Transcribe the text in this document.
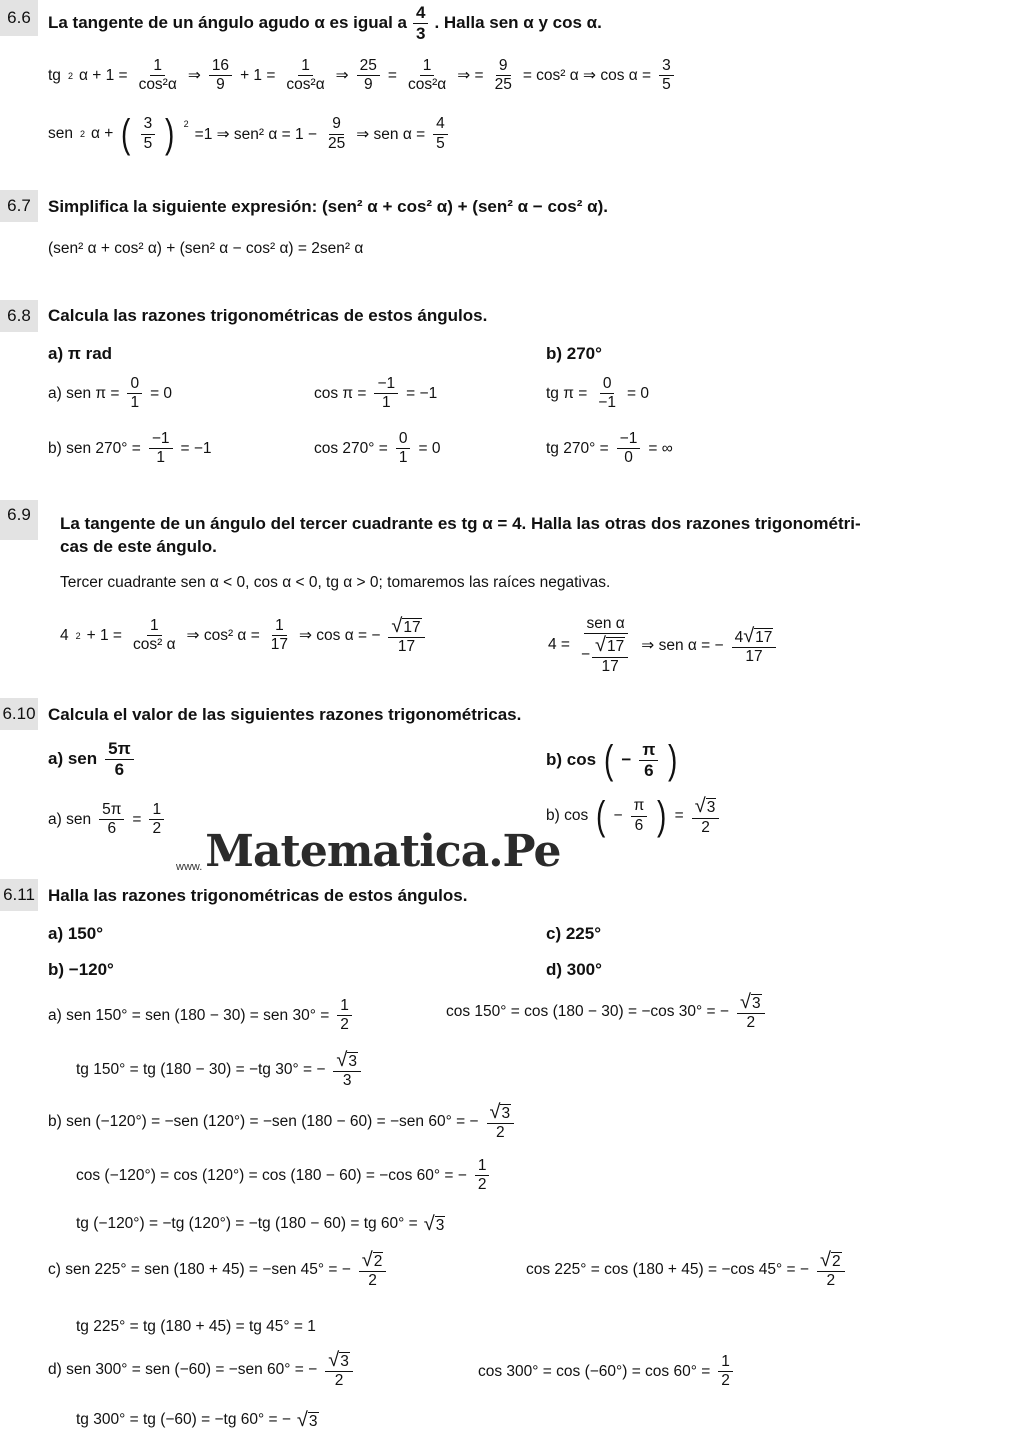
6.6	La tangente de un ángulo agudo α es igual a $\frac{4}{3}$ . Halla sen α y cos α.
tg 2 $\alpha + 1 = \frac{1}{\text{cos²α}}$ ⇒ $\frac{16}{9} + 1 = \frac{1}{\text{cos²α}}$ ⇒ $\frac{25}{9} = \frac{1}{\text{cos²α}}$ ⇒ = $\frac{9}{25} = \cos^2$ α ⇒ $\cos \alpha = \frac{3}{5}$
sen 2 α + ( $\frac{3}{5}$ ) $^2$
=1 ⇒ sen² $\alpha = 1 - \frac{9}{25}$ ⇒ sen $\alpha = \frac{4}{5}$
6.7	Simplifica la siguiente expresión: (sen² α + cos² α) + (sen² α − cos² α).
(sen² α + cos² α) + (sen² α − cos² α) = 2sen² α
6.8	Calcula las razones trigonométricas de estos ángulos.
a) π rad	b) 270°
a) sen $\pi = \frac{0}{1} = 0$	$\cos \pi = \frac{-1}{1} = -1$	tg $\pi = \frac{0}{-1} = 0$
b) sen $270^\circ = \frac{-1}{1} = -1$	$\cos 270^\circ = \frac{0}{1} = 0$	tg $270^\circ = \frac{-1}{0}$ = ∞
6.9	La tangente de un ángulo del tercer cuadrante es tg α = 4. Halla las otras dos razones trigonométri-
cas de este ángulo.
Tercer cuadrante sen α < 0, cos α < 0, tg α > 0; tomaremos las raíces negativas.
4 $2 + 1 = \frac{1}{\text{cos² α}}$ ⇒ cos² $\alpha = \frac{1}{17}$ ⇒ cos α = − $\frac{√ 17}{17}$	$4 = \frac{\text{sen α}}{- \frac{√ 17}{17}}$ ⇒ sen α = − $\frac{4 √ 17}{17}$
6.10 Calcula el valor de las siguientes razones trigonométricas.
a) sen $\frac{5\pi}{6}$	b) cos ( − $\frac{\pi}{6}$ )
a) sen $\frac{5\pi}{6} = \frac{1}{2}$	b) cos ( − $\frac{\pi}{6}$ ) = $\frac{√ 3}{2}$
www. Matematica.Pe
6.11 Halla las razones trigonométricas de estos ángulos.
a) 150°	c) 225°
b) −120°	d) 300°
a) sen 150° = sen (180 − 30) = sen $30^\circ = \frac{1}{2}$	cos 150° = cos (180 − 30) = −cos 30° = − $\frac{√ 3}{2}$
tg 150° = tg (180 − 30) = −tg 30° = − $\frac{√ 3}{3}$
b) sen (−120°) = −sen (120°) = −sen (180 − 60) = −sen 60° = − $\frac{√ 3}{2}$
cos (−120°) = cos (120°) = cos (180 − 60) = −cos 60° = − $\frac{1}{2}$
tg (−120°) = −tg (120°) = −tg (180 − 60) = tg 60° = √ 3
c) sen 225° = sen (180 + 45) = −sen 45° = − $\frac{√ 2}{2}$	cos 225° = cos (180 + 45) = −cos 45° = − $\frac{√ 2}{2}$
tg 225° = tg (180 + 45) = tg 45° = 1
d) sen 300° = sen (−60) = −sen 60° = − $\frac{√ 3}{2}$	$\cos 300^\circ = \cos (-60^\circ) = \cos 60^\circ = \frac{1}{2}$
tg 300° = tg (−60) = −tg 60° = − √ 3
